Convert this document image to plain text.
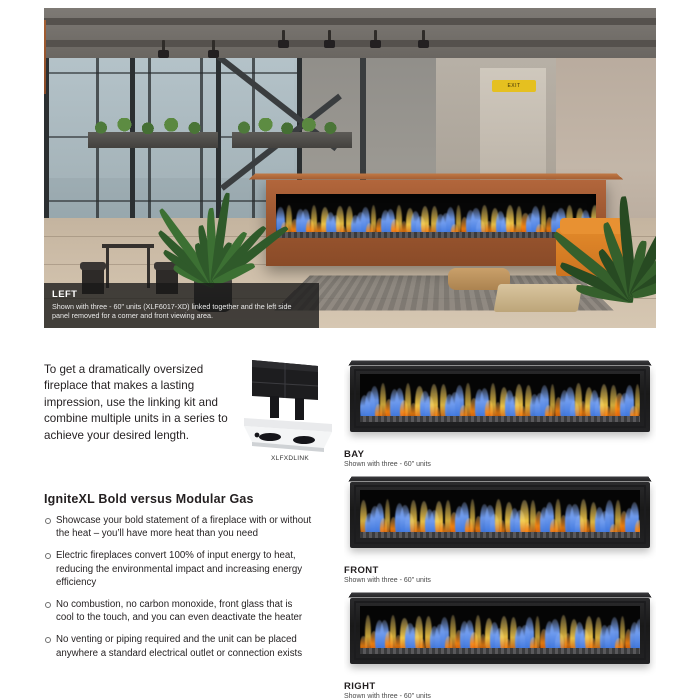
EXIT
LEFT
Shown with three - 60" units (XLF6017-XD) linked together and the left side panel removed for a corner and front viewing area.
To get a dramatically oversized fireplace that makes a lasting impression, use the linking kit and combine multiple units in a series to achieve your desired length.
XLFXDLINK	BAY
Shown with three - 60" units
FRONT
Shown with three - 60" units
RIGHT
Shown with three - 60" units
IgniteXL Bold versus Modular Gas
Showcase your bold statement of a fireplace with or without the heat – you’ll have more heat than you need
Electric fireplaces convert 100% of input energy to heat, reducing the environmental impact and increasing energy efficiency
No combustion, no carbon monoxide, front glass that is cool to the touch, and you can even deactivate the heater
No venting or piping required and the unit can be placed anywhere a standard electrical outlet or connection exists
